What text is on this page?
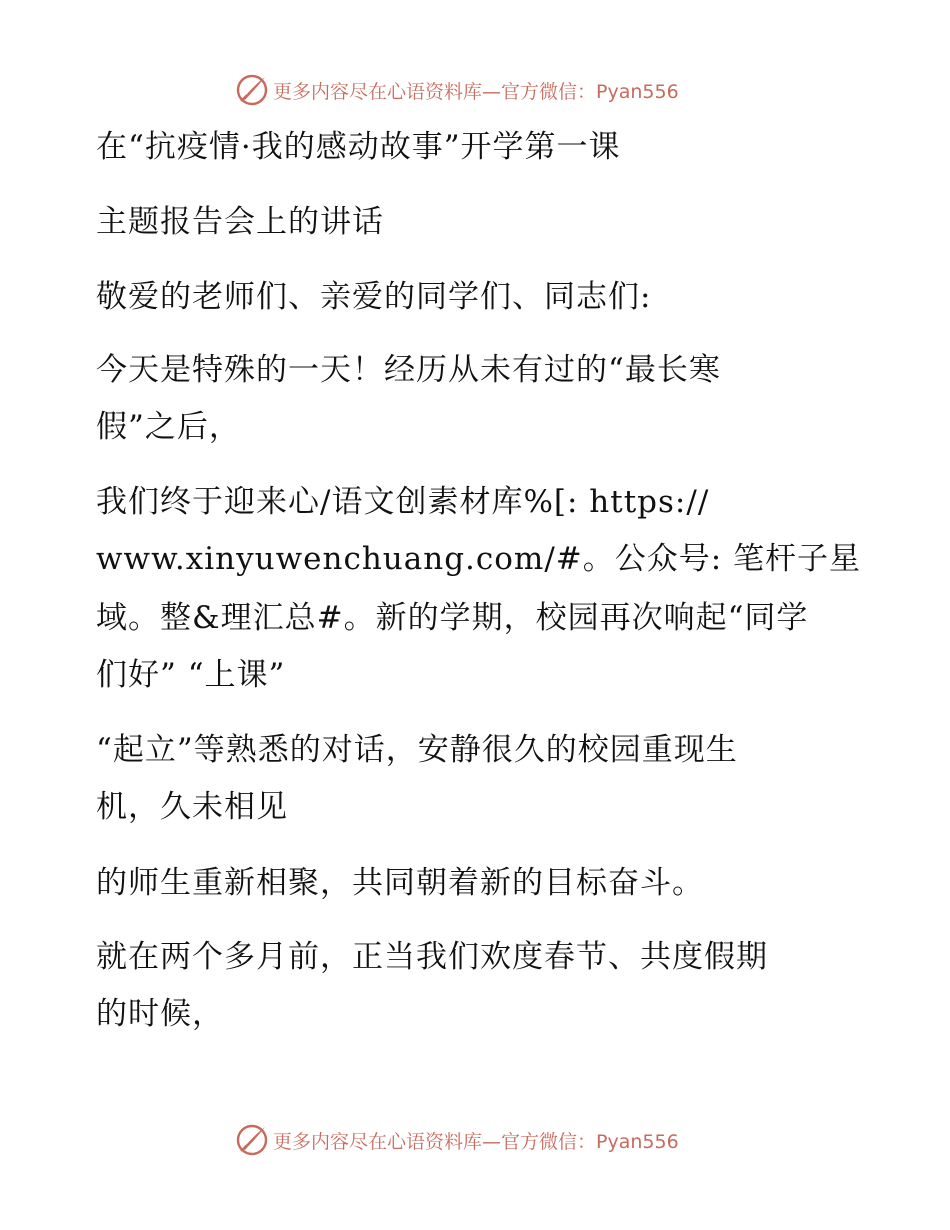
更多内容尽在心语资料库—官方微信：Pyan556
在“抗疫情·我的感动故事”开学第一课
主题报告会上的讲话
敬爱的老师们、亲爱的同学们、同志们:
今天是特殊的一天！经历从未有过的“最长寒
假”之后，
我们终于迎来心/语文创素材库%[: https://
www.xinyuwenchuang.com/#。公众号: 笔杆子星
域。整&理汇总#。新的学期，校园再次响起“同学
们好” “上课”
“起立”等熟悉的对话，安静很久的校园重现生
机，久未相见
的师生重新相聚，共同朝着新的目标奋斗。
就在两个多月前，正当我们欢度春节、共度假期
的时候，
更多内容尽在心语资料库—官方微信：Pyan556
